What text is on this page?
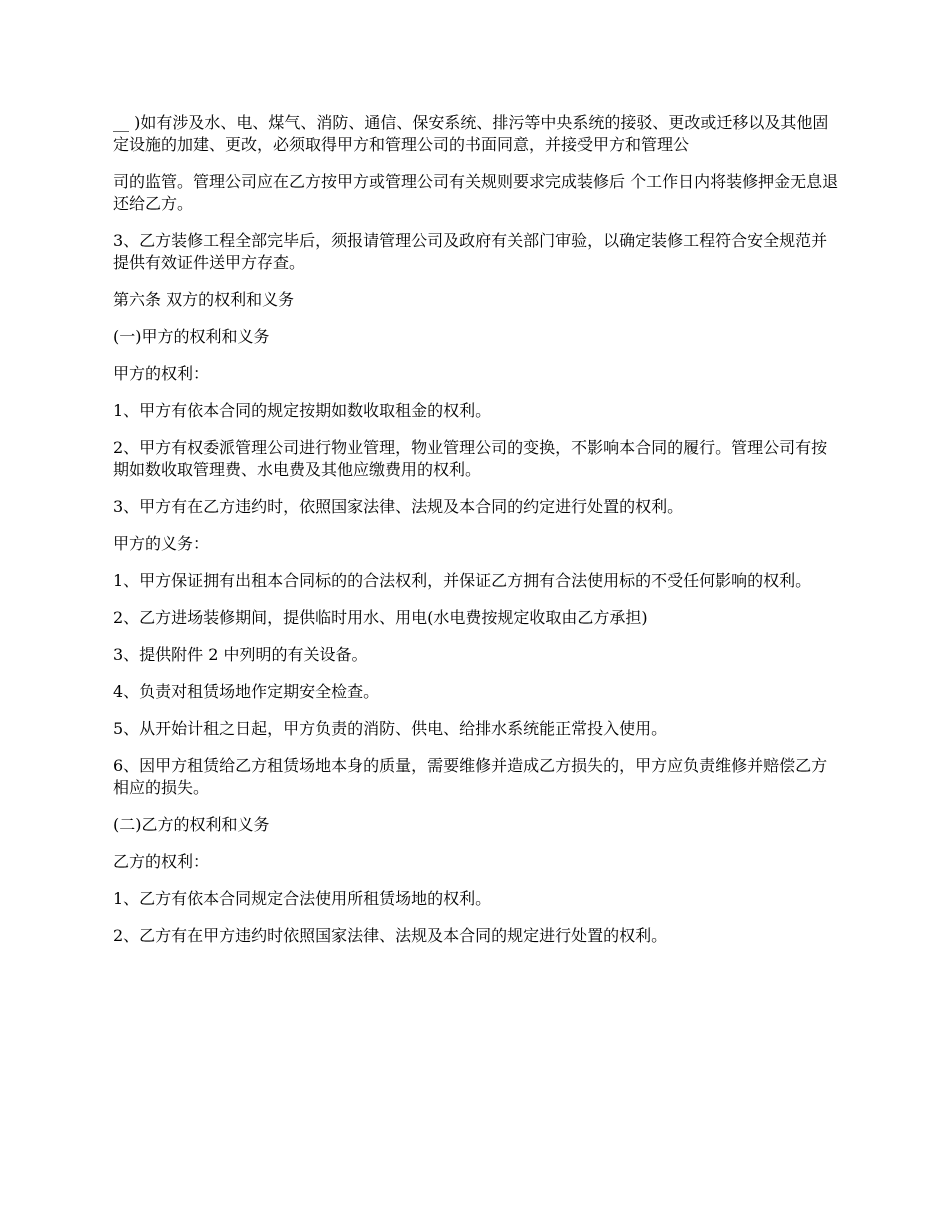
__ )如有涉及水、电、煤气、消防、通信、保安系统、排污等中央系统的接驳、更改或迁移以及其他固定设施的加建、更改，必须取得甲方和管理公司的书面同意，并接受甲方和管理公

司的监管。管理公司应在乙方按甲方或管理公司有关规则要求完成装修后 个工作日内将装修押金无息退还给乙方。

3、乙方装修工程全部完毕后，须报请管理公司及政府有关部门审验，以确定装修工程符合安全规范并提供有效证件送甲方存查。

第六条 双方的权利和义务

(一)甲方的权利和义务

甲方的权利：

1、甲方有依本合同的规定按期如数收取租金的权利。

2、甲方有权委派管理公司进行物业管理，物业管理公司的变换，不影响本合同的履行。管理公司有按期如数收取管理费、水电费及其他应缴费用的权利。

3、甲方有在乙方违约时，依照国家法律、法规及本合同的约定进行处置的权利。

甲方的义务：

1、甲方保证拥有出租本合同标的的合法权利，并保证乙方拥有合法使用标的不受任何影响的权利。

2、乙方进场装修期间，提供临时用水、用电(水电费按规定收取由乙方承担)

3、提供附件 2 中列明的有关设备。

4、负责对租赁场地作定期安全检查。

5、从开始计租之日起，甲方负责的消防、供电、给排水系统能正常投入使用。

6、因甲方租赁给乙方租赁场地本身的质量，需要维修并造成乙方损失的，甲方应负责维修并赔偿乙方相应的损失。

(二)乙方的权利和义务

乙方的权利：

1、乙方有依本合同规定合法使用所租赁场地的权利。

2、乙方有在甲方违约时依照国家法律、法规及本合同的规定进行处置的权利。
